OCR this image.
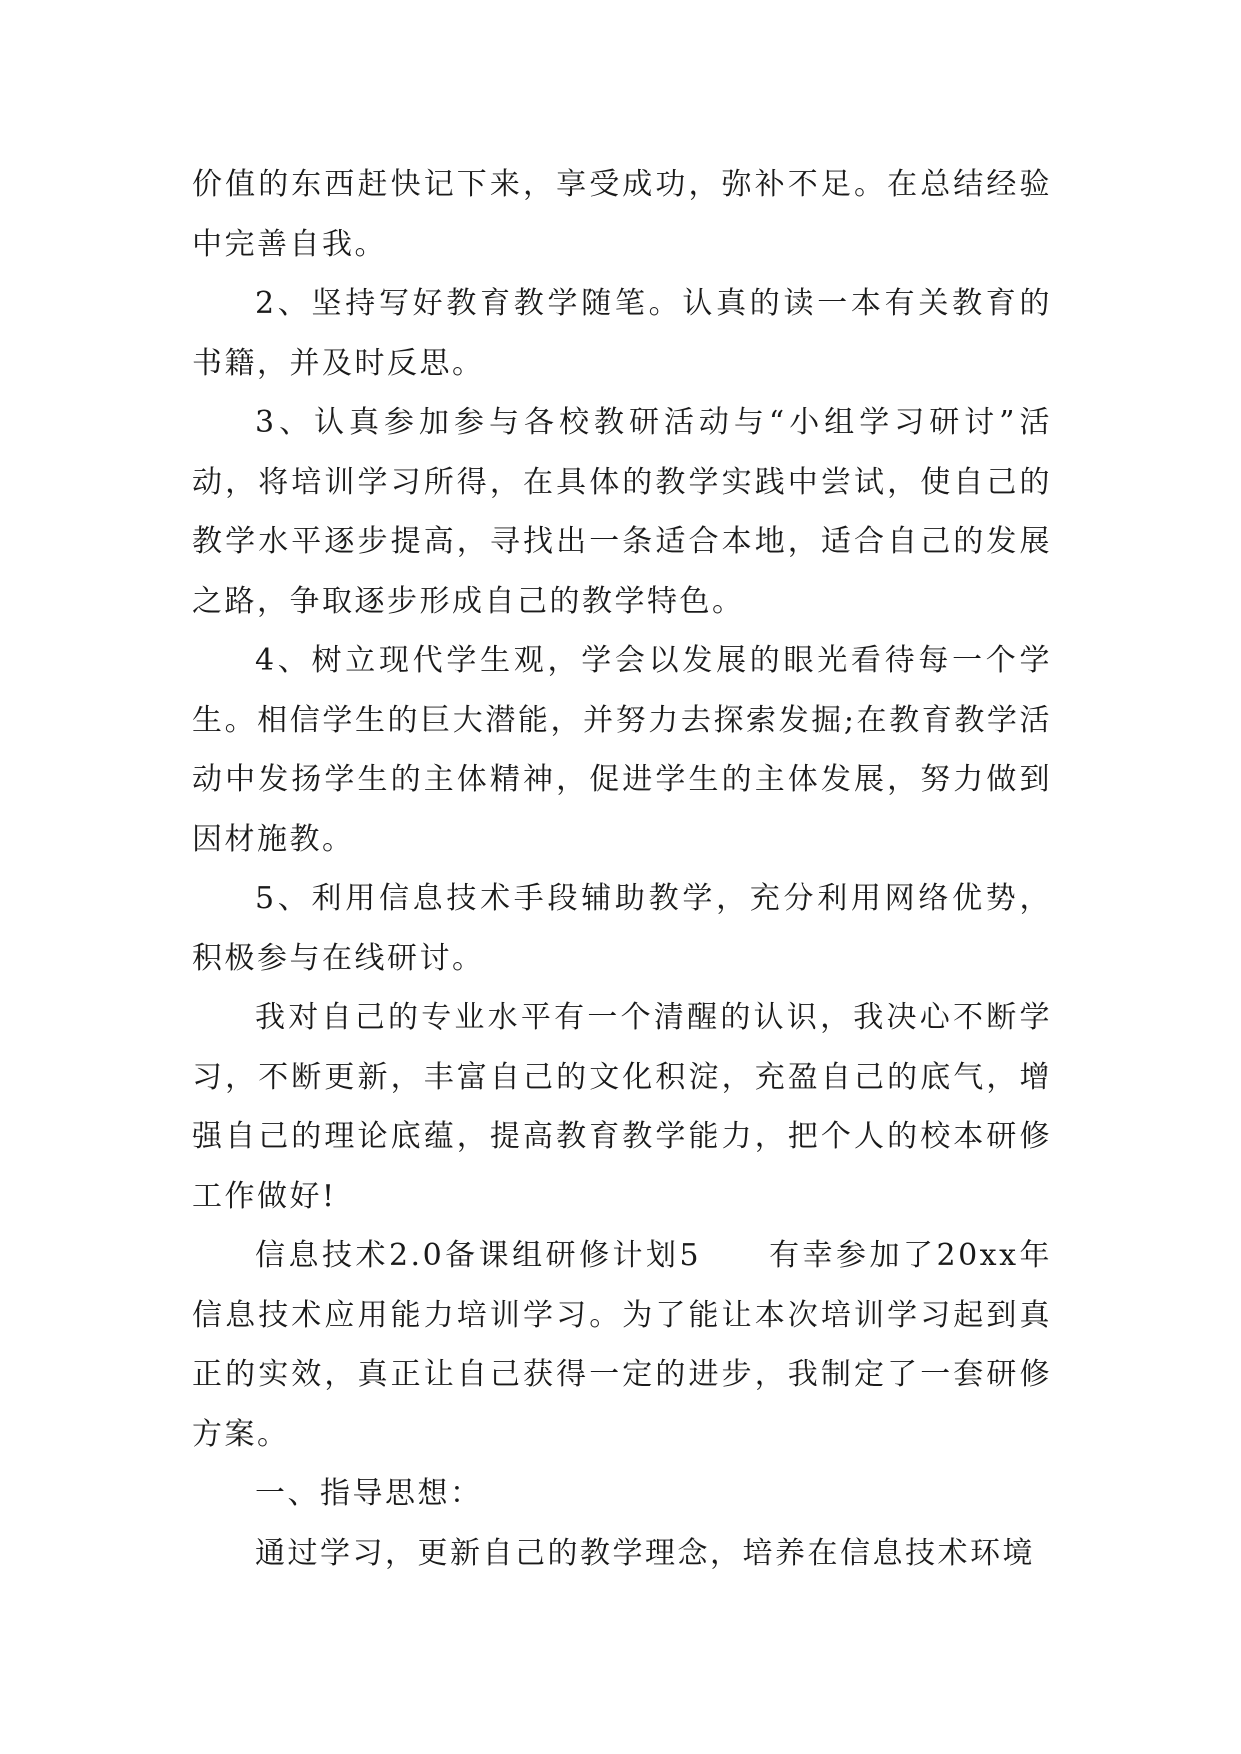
价值的东西赶快记下来，享受成功，弥补不足。在总结经验中完善自我。

2、坚持写好教育教学随笔。认真的读一本有关教育的书籍，并及时反思。

3、认真参加参与各校教研活动与“小组学习研讨”活动，将培训学习所得，在具体的教学实践中尝试，使自己的教学水平逐步提高，寻找出一条适合本地，适合自己的发展之路，争取逐步形成自己的教学特色。

4、树立现代学生观，学会以发展的眼光看待每一个学生。相信学生的巨大潜能，并努力去探索发掘;在教育教学活动中发扬学生的主体精神，促进学生的主体发展，努力做到因材施教。

5、利用信息技术手段辅助教学，充分利用网络优势，积极参与在线研讨。

我对自己的专业水平有一个清醒的认识，我决心不断学习，不断更新，丰富自己的文化积淀，充盈自己的底气，增强自己的理论底蕴，提高教育教学能力，把个人的校本研修工作做好!

信息技术2.0备课组研修计划5　　有幸参加了20xx年信息技术应用能力培训学习。为了能让本次培训学习起到真正的实效，真正让自己获得一定的进步，我制定了一套研修方案。

一、指导思想：

通过学习，更新自己的教学理念，培养在信息技术环境
